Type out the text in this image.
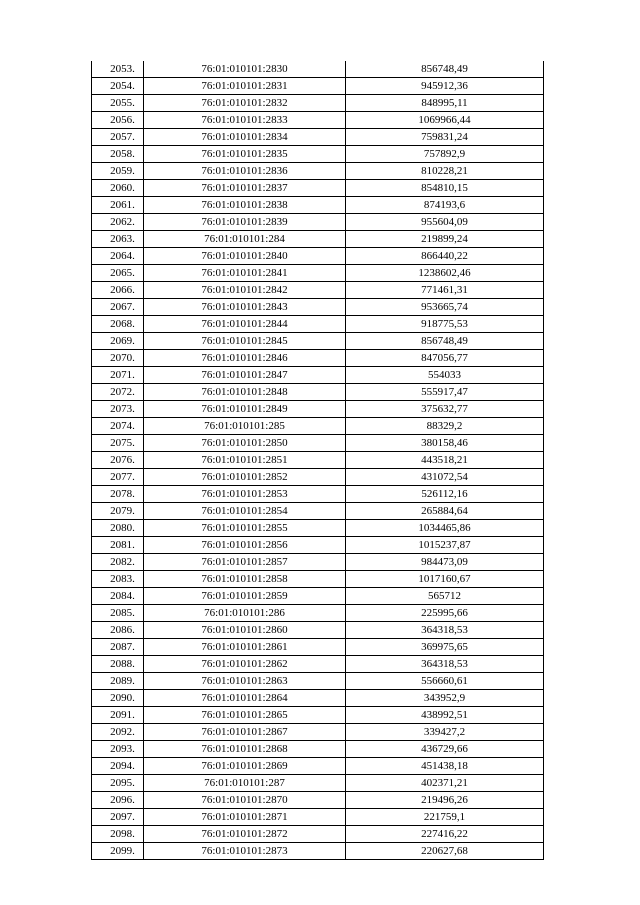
2053.	76:01:010101:2830	856748,49
2054.	76:01:010101:2831	945912,36
2055.	76:01:010101:2832	848995,11
2056.	76:01:010101:2833	1069966,44
2057.	76:01:010101:2834	759831,24
2058.	76:01:010101:2835	757892,9
2059.	76:01:010101:2836	810228,21
2060.	76:01:010101:2837	854810,15
2061.	76:01:010101:2838	874193,6
2062.	76:01:010101:2839	955604,09
2063.	76:01:010101:284	219899,24
2064.	76:01:010101:2840	866440,22
2065.	76:01:010101:2841	1238602,46
2066.	76:01:010101:2842	771461,31
2067.	76:01:010101:2843	953665,74
2068.	76:01:010101:2844	918775,53
2069.	76:01:010101:2845	856748,49
2070.	76:01:010101:2846	847056,77
2071.	76:01:010101:2847	554033
2072.	76:01:010101:2848	555917,47
2073.	76:01:010101:2849	375632,77
2074.	76:01:010101:285	88329,2
2075.	76:01:010101:2850	380158,46
2076.	76:01:010101:2851	443518,21
2077.	76:01:010101:2852	431072,54
2078.	76:01:010101:2853	526112,16
2079.	76:01:010101:2854	265884,64
2080.	76:01:010101:2855	1034465,86
2081.	76:01:010101:2856	1015237,87
2082.	76:01:010101:2857	984473,09
2083.	76:01:010101:2858	1017160,67
2084.	76:01:010101:2859	565712
2085.	76:01:010101:286	225995,66
2086.	76:01:010101:2860	364318,53
2087.	76:01:010101:2861	369975,65
2088.	76:01:010101:2862	364318,53
2089.	76:01:010101:2863	556660,61
2090.	76:01:010101:2864	343952,9
2091.	76:01:010101:2865	438992,51
2092.	76:01:010101:2867	339427,2
2093.	76:01:010101:2868	436729,66
2094.	76:01:010101:2869	451438,18
2095.	76:01:010101:287	402371,21
2096.	76:01:010101:2870	219496,26
2097.	76:01:010101:2871	221759,1
2098.	76:01:010101:2872	227416,22
2099.	76:01:010101:2873	220627,68
